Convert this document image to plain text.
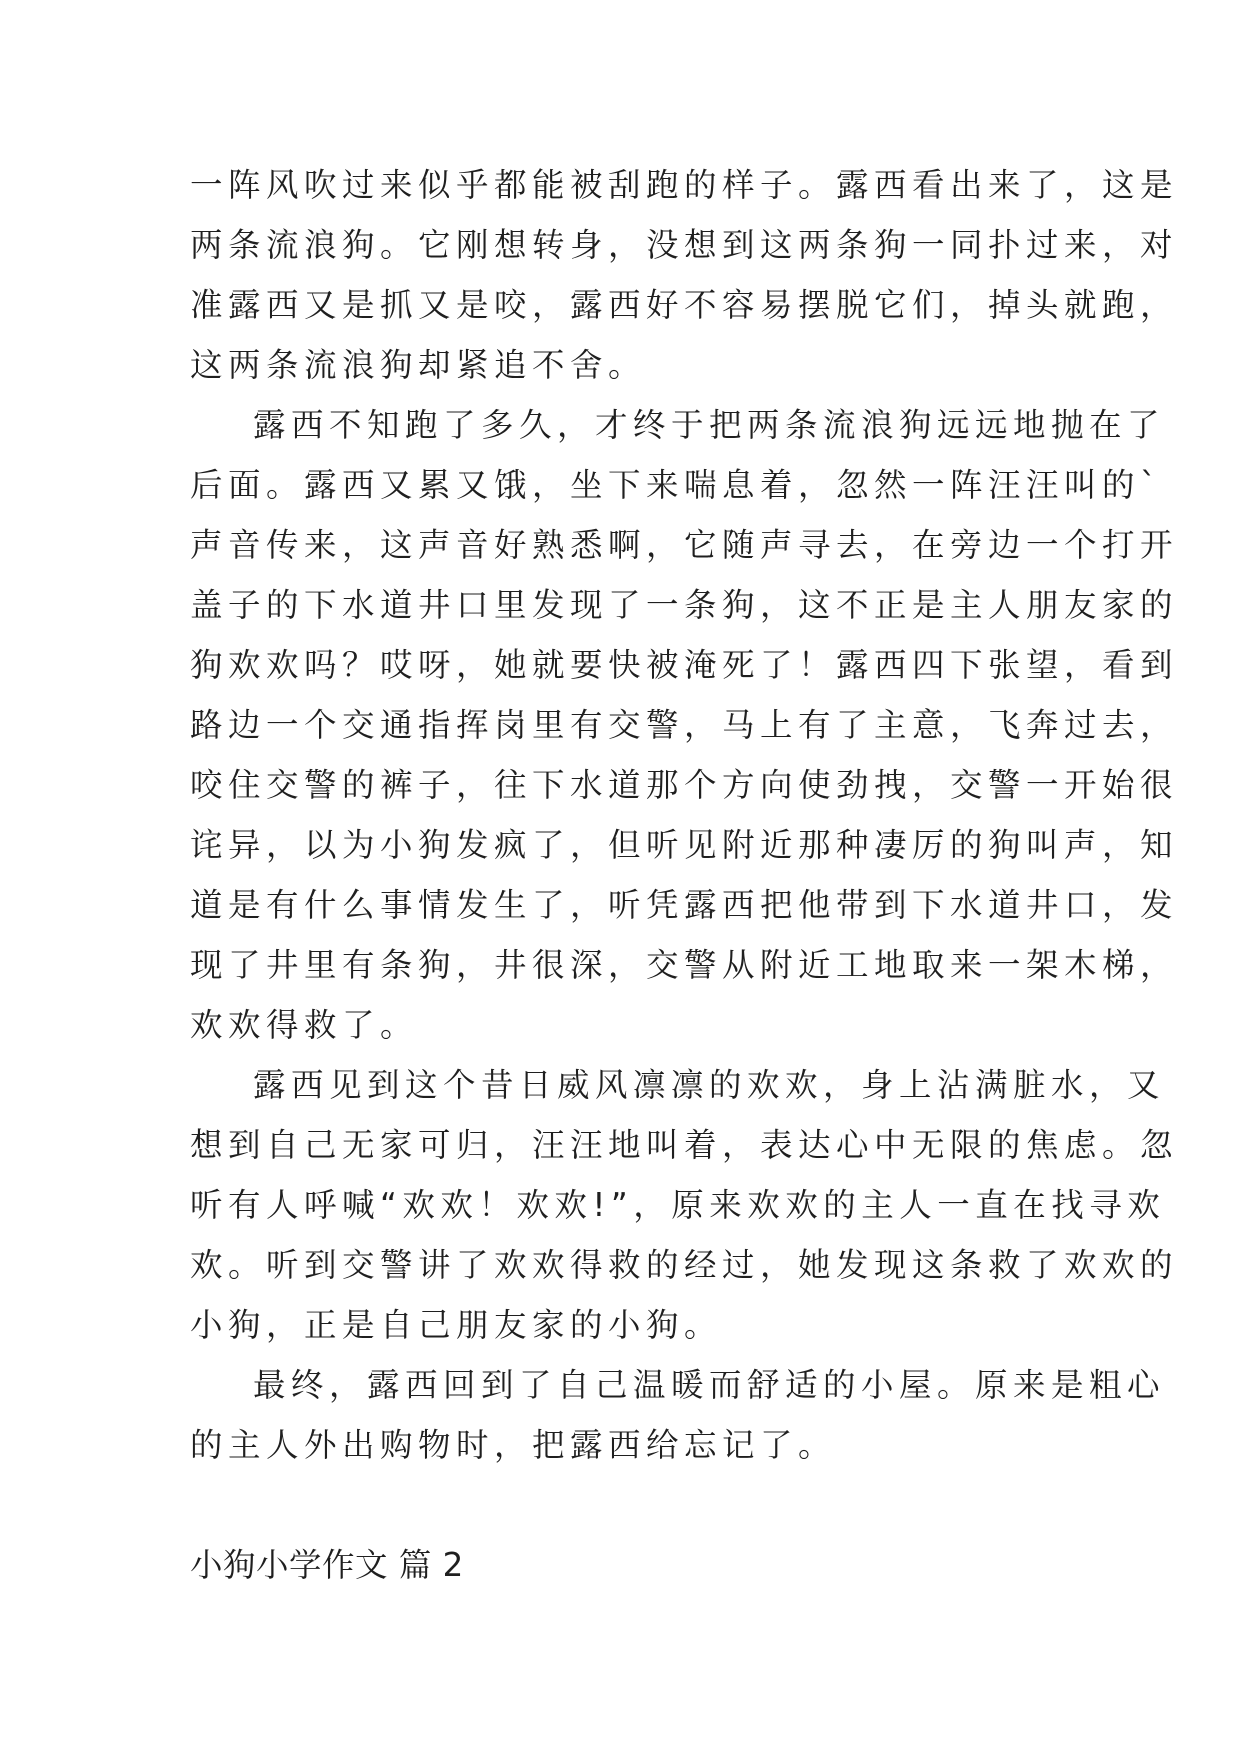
一阵风吹过来似乎都能被刮跑的样子。露西看出来了，这是
两条流浪狗。它刚想转身，没想到这两条狗一同扑过来，对
准露西又是抓又是咬，露西好不容易摆脱它们，掉头就跑，
这两条流浪狗却紧追不舍。
露西不知跑了多久，才终于把两条流浪狗远远地抛在了
后面。露西又累又饿，坐下来喘息着，忽然一阵汪汪叫的`
声音传来，这声音好熟悉啊，它随声寻去，在旁边一个打开
盖子的下水道井口里发现了一条狗，这不正是主人朋友家的
狗欢欢吗？哎呀，她就要快被淹死了！露西四下张望，看到
路边一个交通指挥岗里有交警，马上有了主意，飞奔过去，
咬住交警的裤子，往下水道那个方向使劲拽，交警一开始很
诧异，以为小狗发疯了，但听见附近那种凄厉的狗叫声，知
道是有什么事情发生了，听凭露西把他带到下水道井口，发
现了井里有条狗，井很深，交警从附近工地取来一架木梯，
欢欢得救了。
露西见到这个昔日威风凛凛的欢欢，身上沾满脏水，又
想到自己无家可归，汪汪地叫着，表达心中无限的焦虑。忽
听有人呼喊“欢欢！欢欢!”，原来欢欢的主人一直在找寻欢
欢。听到交警讲了欢欢得救的经过，她发现这条救了欢欢的
小狗，正是自己朋友家的小狗。
最终，露西回到了自己温暖而舒适的小屋。原来是粗心
的主人外出购物时，把露西给忘记了。
小狗小学作文 篇 2
